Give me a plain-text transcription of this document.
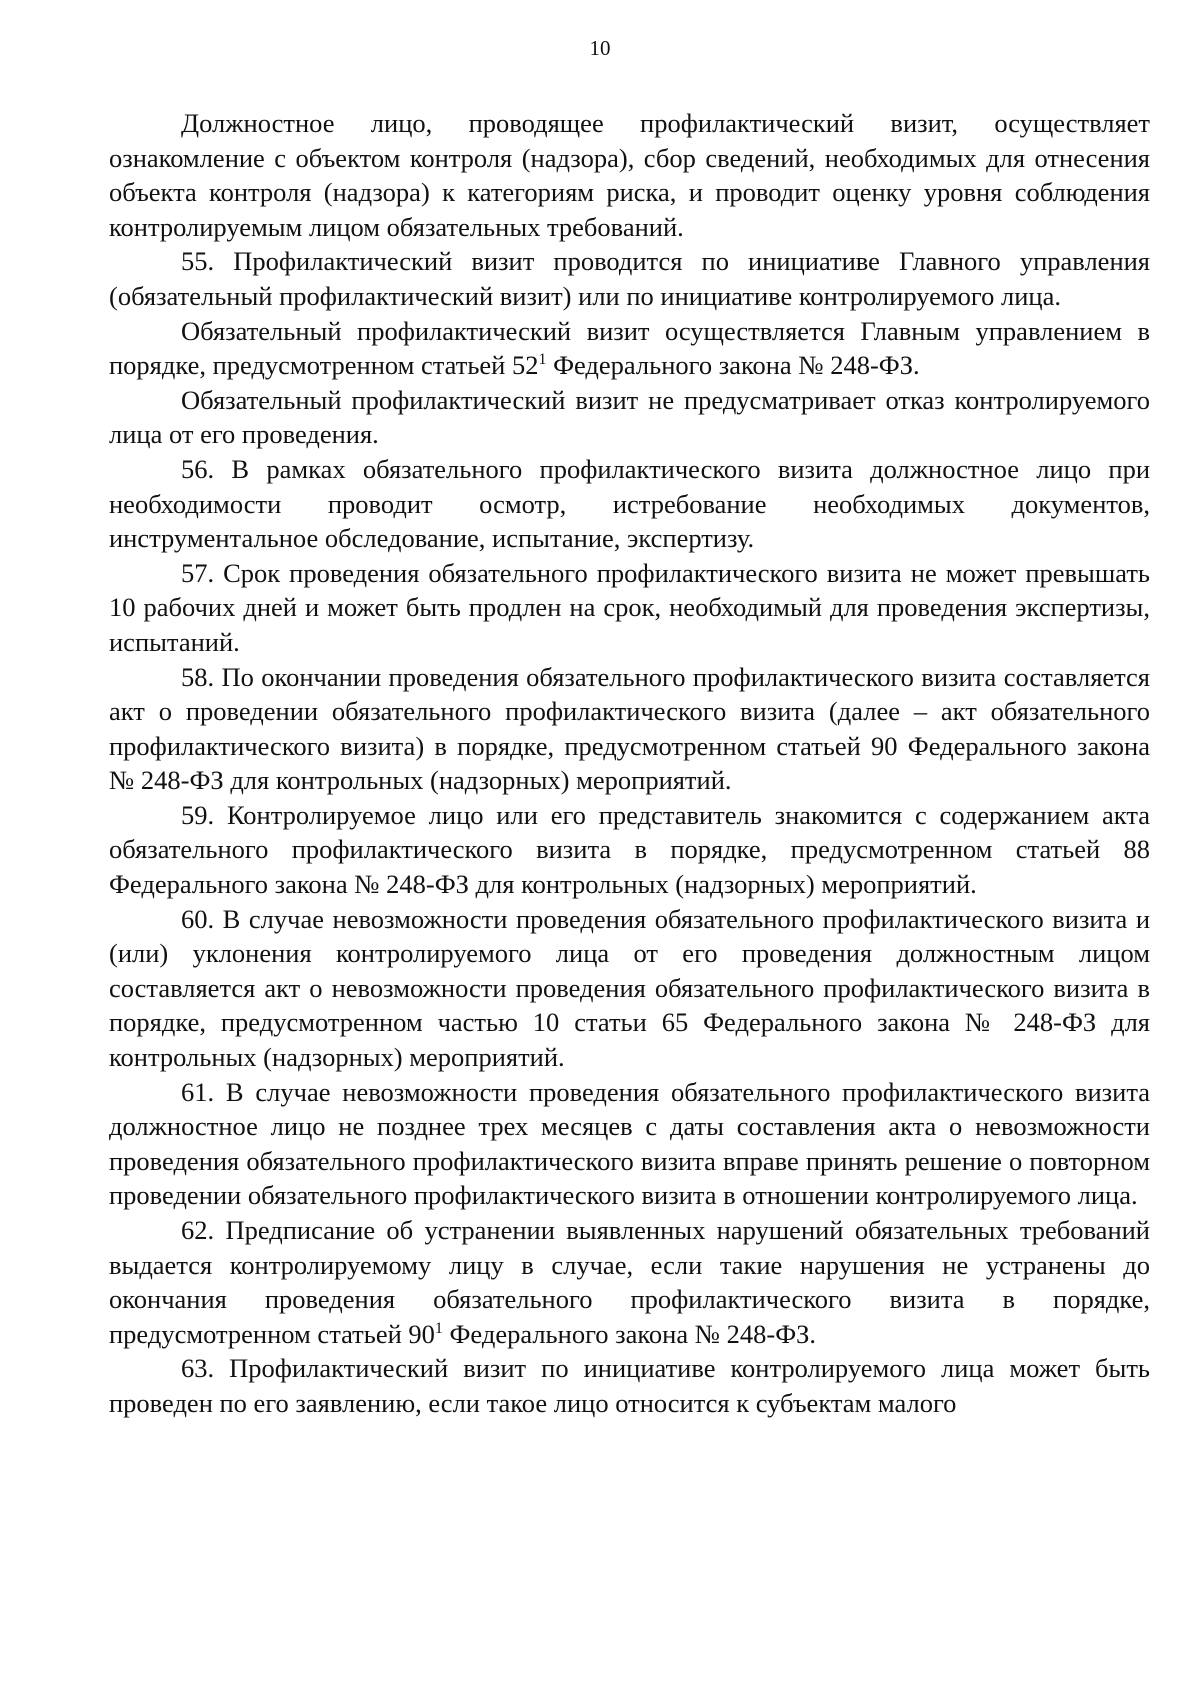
10

Должностное лицо, проводящее профилактический визит, осуществляет ознакомление с объектом контроля (надзора), сбор сведений, необходимых для отнесения объекта контроля (надзора) к категориям риска, и проводит оценку уровня соблюдения контролируемым лицом обязательных требований.

55. Профилактический визит проводится по инициативе Главного управления (обязательный профилактический визит) или по инициативе контролируемого лица.

Обязательный профилактический визит осуществляется Главным управлением в порядке, предусмотренном статьей $52^1$ Федерального закона № 248-ФЗ.

Обязательный профилактический визит не предусматривает отказ контролируемого лица от его проведения.

56. В рамках обязательного профилактического визита должностное лицо при необходимости проводит осмотр, истребование необходимых документов, инструментальное обследование, испытание, экспертизу.

57. Срок проведения обязательного профилактического визита не может превышать 10 рабочих дней и может быть продлен на срок, необходимый для проведения экспертизы, испытаний.

58. По окончании проведения обязательного профилактического визита составляется акт о проведении обязательного профилактического визита (далее – акт обязательного профилактического визита) в порядке, предусмотренном статьей 90 Федерального закона № 248-ФЗ для контрольных (надзорных) мероприятий.

59. Контролируемое лицо или его представитель знакомится с содержанием акта обязательного профилактического визита в порядке, предусмотренном статьей 88 Федерального закона № 248-ФЗ для контрольных (надзорных) мероприятий.

60. В случае невозможности проведения обязательного профилактического визита и (или) уклонения контролируемого лица от его проведения должностным лицом составляется акт о невозможности проведения обязательного профилактического визита в порядке, предусмотренном частью 10 статьи 65 Федерального закона № 248-ФЗ для контрольных (надзорных) мероприятий.

61. В случае невозможности проведения обязательного профилактического визита должностное лицо не позднее трех месяцев с даты составления акта о невозможности проведения обязательного профилактического визита вправе принять решение о повторном проведении обязательного профилактического визита в отношении контролируемого лица.

62. Предписание об устранении выявленных нарушений обязательных требований выдается контролируемому лицу в случае, если такие нарушения не устранены до окончания проведения обязательного профилактического визита в порядке, предусмотренном статьей $90^1$ Федерального закона № 248-ФЗ.

63. Профилактический визит по инициативе контролируемого лица может быть проведен по его заявлению, если такое лицо относится к субъектам малого
